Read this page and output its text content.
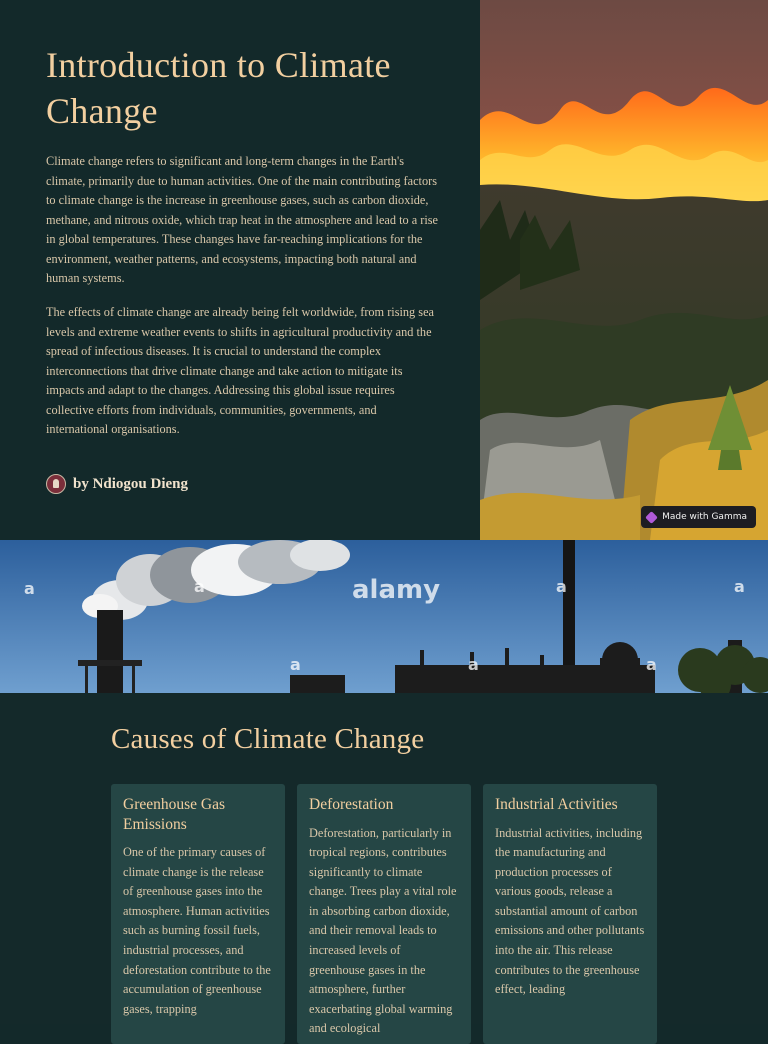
Introduction to Climate Change

Climate change refers to significant and long-term changes in the Earth's climate, primarily due to human activities. One of the main contributing factors to climate change is the increase in greenhouse gases, such as carbon dioxide, methane, and nitrous oxide, which trap heat in the atmosphere and lead to a rise in global temperatures. These changes have far-reaching implications for the environment, weather patterns, and ecosystems, impacting both natural and human systems.

The effects of climate change are already being felt worldwide, from rising sea levels and extreme weather events to shifts in agricultural productivity and the spread of infectious diseases. It is crucial to understand the complex interconnections that drive climate change and take action to mitigate its impacts and adapt to the changes. Addressing this global issue requires collective efforts from individuals, communities, governments, and international organisations.

by Ndiogou Dieng
Made with Gamma
alamy
a	a	a	a
a	a	a
Causes of Climate Change
Greenhouse Gas Emissions

One of the primary causes of climate change is the release of greenhouse gases into the atmosphere. Human activities such as burning fossil fuels, industrial processes, and deforestation contribute to the accumulation of greenhouse gases, trapping

Deforestation

Deforestation, particularly in tropical regions, contributes significantly to climate change. Trees play a vital role in absorbing carbon dioxide, and their removal leads to increased levels of greenhouse gases in the atmosphere, further exacerbating global warming and ecological

Industrial Activities

Industrial activities, including the manufacturing and production processes of various goods, release a substantial amount of carbon emissions and other pollutants into the air. This release contributes to the greenhouse effect, leading
